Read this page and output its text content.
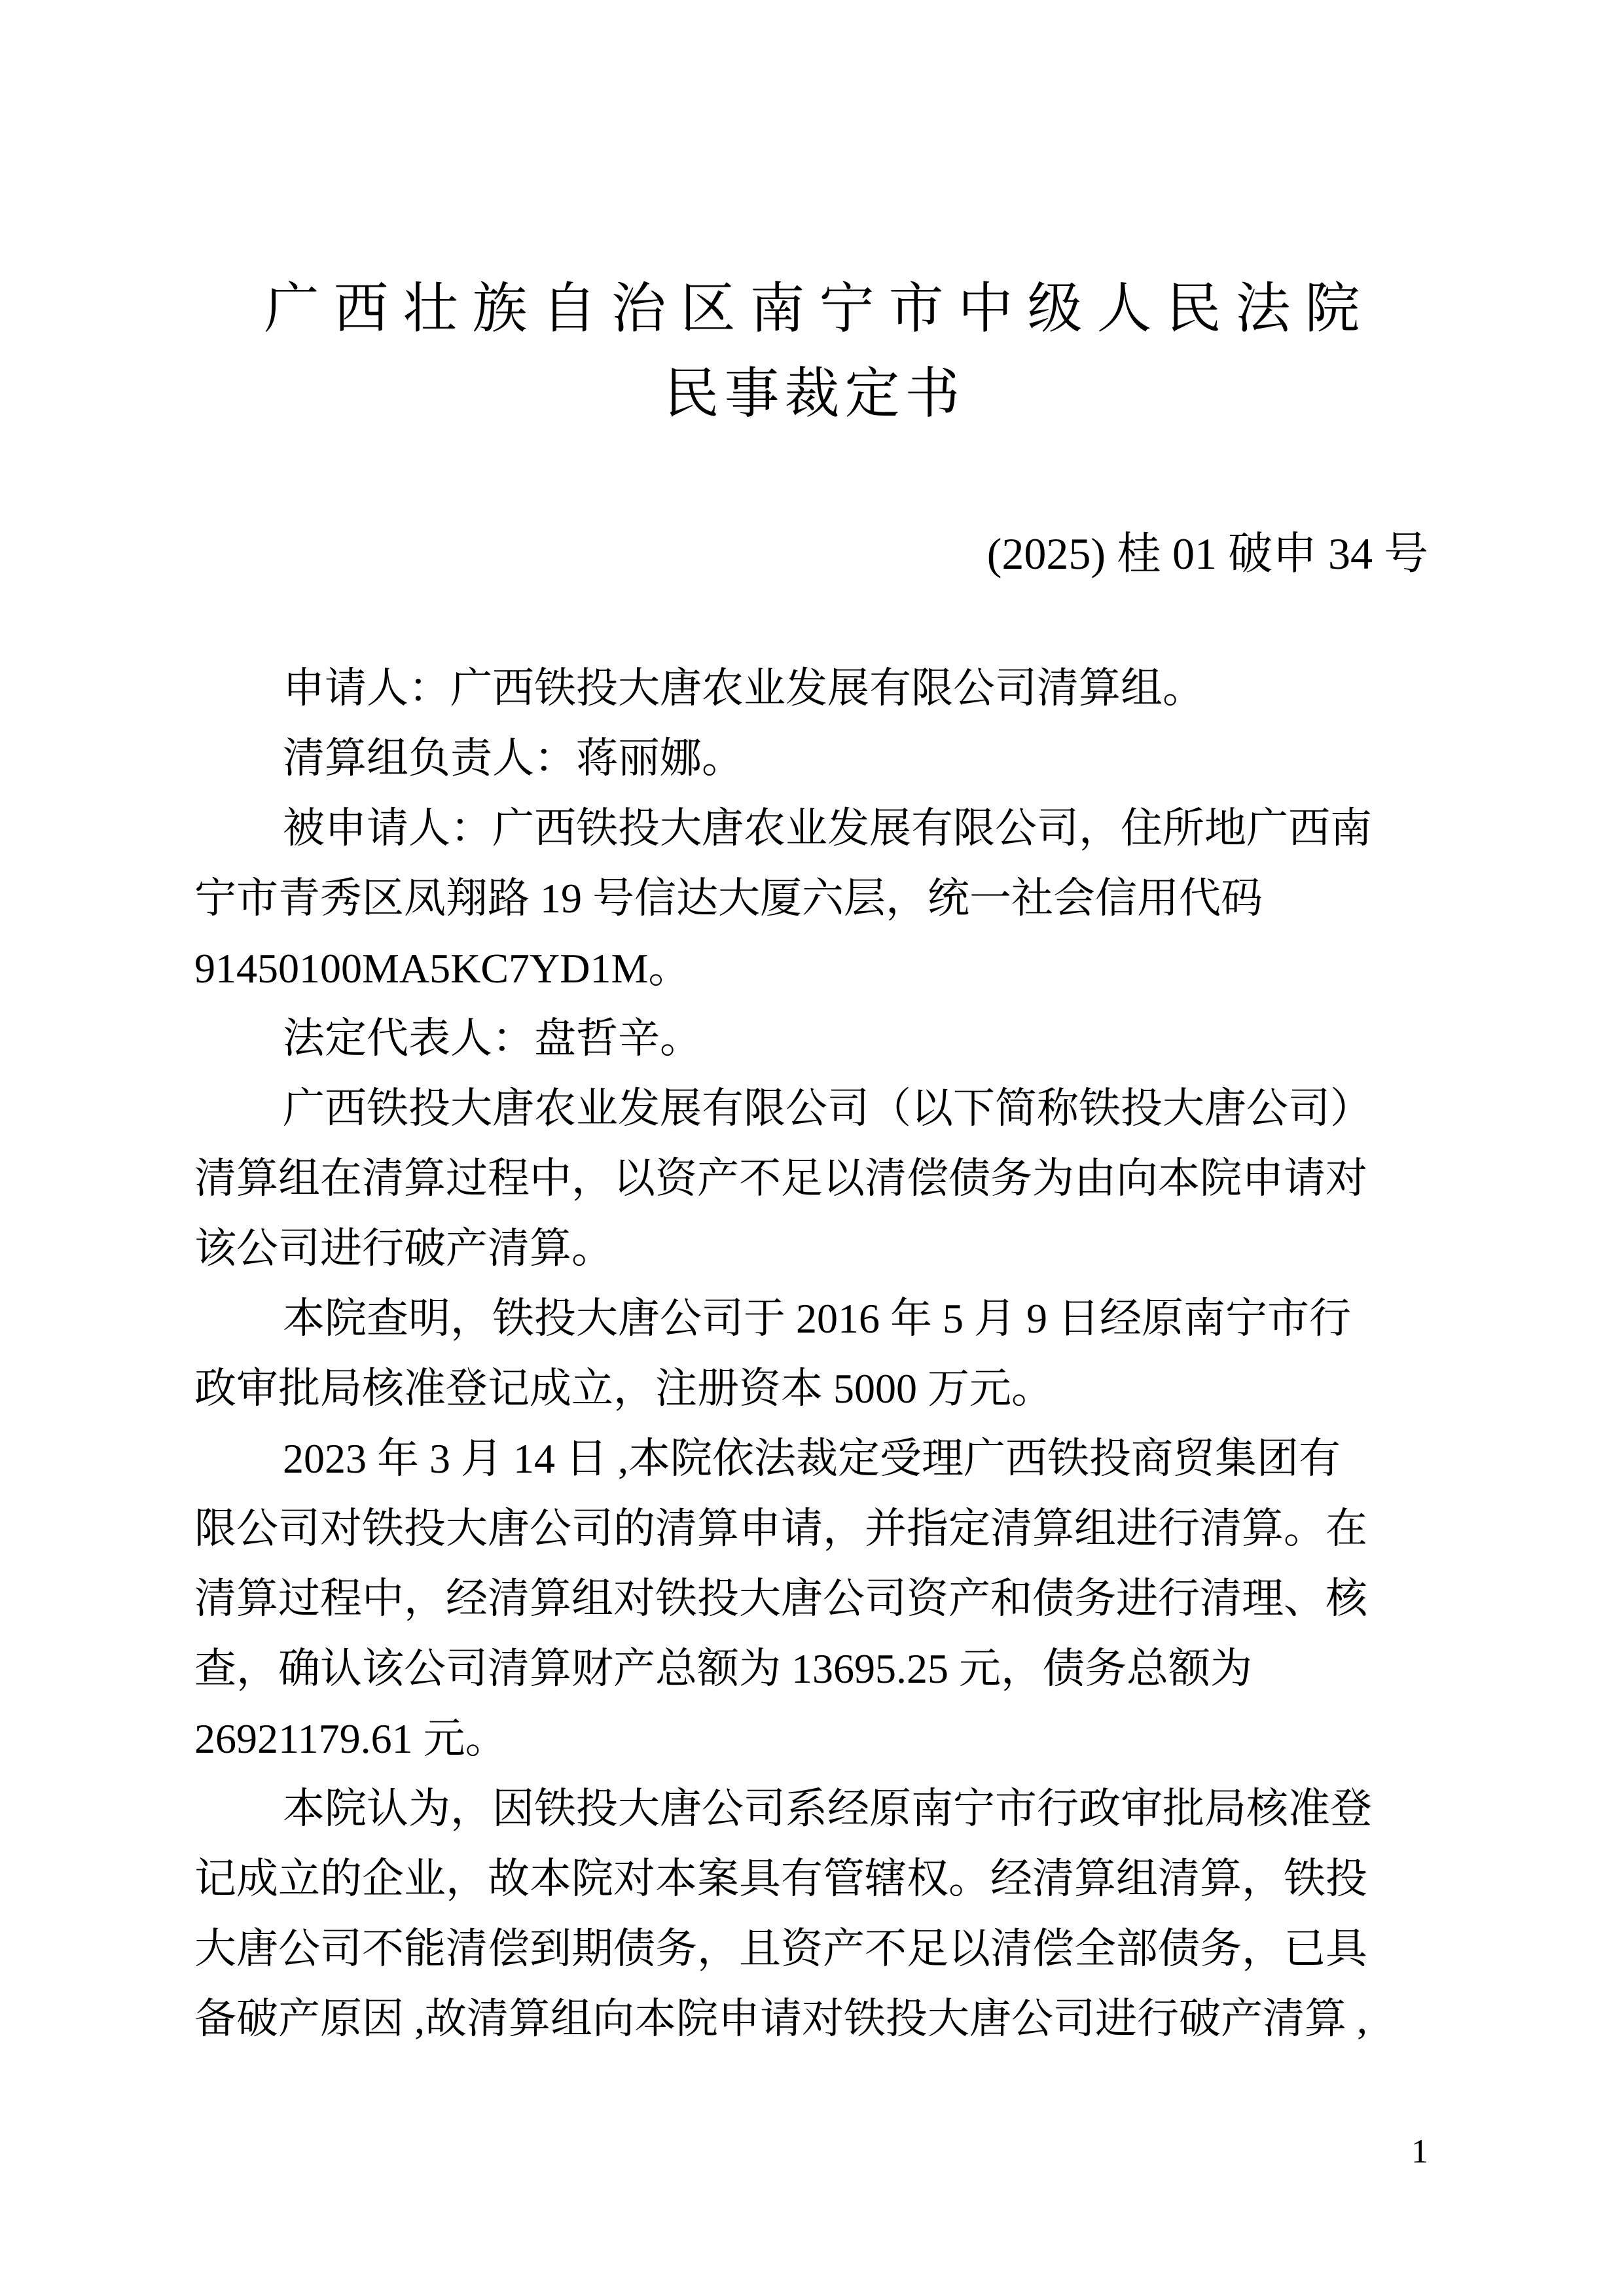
广西壮族自治区南宁市中级人民法院
民事裁定书
(2025) 桂 01 破申 34 号
申请人：广西铁投大唐农业发展有限公司清算组。
清算组负责人：蒋丽娜。
被申请人：广西铁投大唐农业发展有限公司，住所地广西南
宁市青秀区凤翔路 19 号信达大厦六层，统一社会信用代码
91450100MA5KC7YD1M。
法定代表人：盘哲辛。
广西铁投大唐农业发展有限公司（以下简称铁投大唐公司）
清算组在清算过程中，以资产不足以清偿债务为由向本院申请对
该公司进行破产清算。
本院查明，铁投大唐公司于 2016 年 5 月 9 日经原南宁市行
政审批局核准登记成立，注册资本 5000 万元。
2023 年 3 月 14 日 ,本院依法裁定受理广西铁投商贸集团有
限公司对铁投大唐公司的清算申请，并指定清算组进行清算。在
清算过程中，经清算组对铁投大唐公司资产和债务进行清理、核
查，确认该公司清算财产总额为 13695.25 元，债务总额为
26921179.61 元。
本院认为，因铁投大唐公司系经原南宁市行政审批局核准登
记成立的企业，故本院对本案具有管辖权。经清算组清算，铁投
大唐公司不能清偿到期债务，且资产不足以清偿全部债务，已具
备破产原因 ,故清算组向本院申请对铁投大唐公司进行破产清算 ,
1
